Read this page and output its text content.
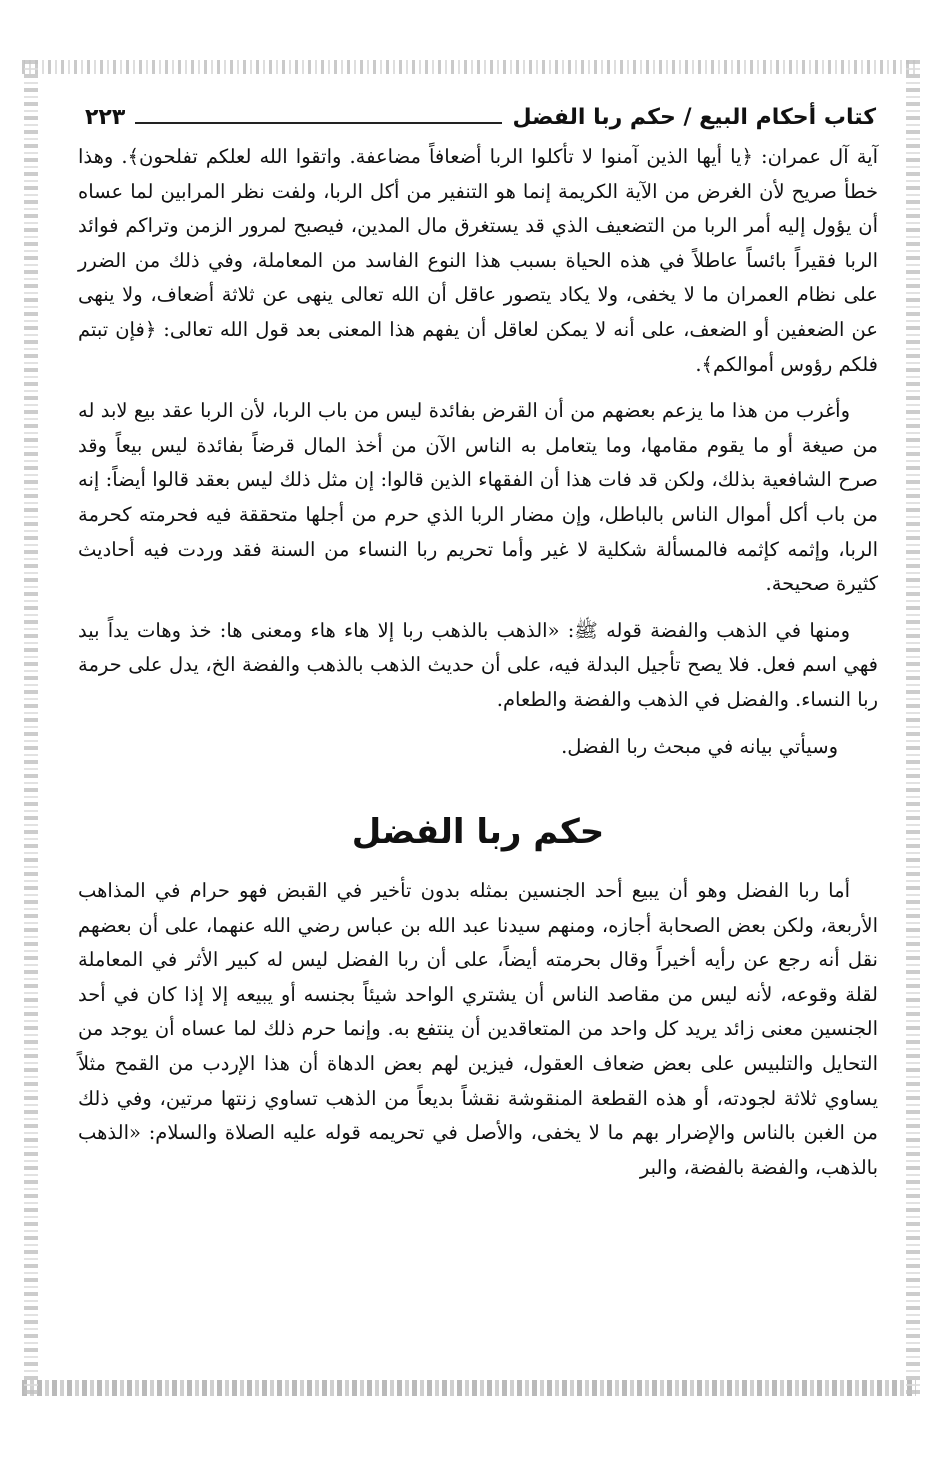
كتاب أحكام البيع / حكم ربا الفضل
٢٢٣

آية آل عمران: ﴿يا أيها الذين آمنوا لا تأكلوا الربا أضعافاً مضاعفة. واتقوا الله لعلكم تفلحون﴾. وهذا خطأ صريح لأن الغرض من الآية الكريمة إنما هو التنفير من أكل الربا، ولفت نظر المرابين لما عساه أن يؤول إليه أمر الربا من التضعيف الذي قد يستغرق مال المدين، فيصبح لمرور الزمن وتراكم فوائد الربا فقيراً بائساً عاطلاً في هذه الحياة بسبب هذا النوع الفاسد من المعاملة، وفي ذلك من الضرر على نظام العمران ما لا يخفى، ولا يكاد يتصور عاقل أن الله تعالى ينهى عن ثلاثة أضعاف، ولا ينهى عن الضعفين أو الضعف، على أنه لا يمكن لعاقل أن يفهم هذا المعنى بعد قول الله تعالى: ﴿فإن تبتم فلكم رؤوس أموالكم﴾.

وأغرب من هذا ما يزعم بعضهم من أن القرض بفائدة ليس من باب الربا، لأن الربا عقد بيع لابد له من صيغة أو ما يقوم مقامها، وما يتعامل به الناس الآن من أخذ المال قرضاً بفائدة ليس بيعاً وقد صرح الشافعية بذلك، ولكن قد فات هذا أن الفقهاء الذين قالوا: إن مثل ذلك ليس بعقد قالوا أيضاً: إنه من باب أكل أموال الناس بالباطل، وإن مضار الربا الذي حرم من أجلها متحققة فيه فحرمته كحرمة الربا، وإثمه كإثمه فالمسألة شكلية لا غير وأما تحريم ربا النساء من السنة فقد وردت فيه أحاديث كثيرة صحيحة.

ومنها في الذهب والفضة قوله ﷺ: «الذهب بالذهب ربا إلا هاء هاء ومعنى ها: خذ وهات يداً بيد فهي اسم فعل. فلا يصح تأجيل البدلة فيه، على أن حديث الذهب بالذهب والفضة الخ، يدل على حرمة ربا النساء. والفضل في الذهب والفضة والطعام.

وسيأتي بيانه في مبحث ربا الفضل.

حكم ربا الفضل

أما ربا الفضل وهو أن يبيع أحد الجنسين بمثله بدون تأخير في القبض فهو حرام في المذاهب الأربعة، ولكن بعض الصحابة أجازه، ومنهم سيدنا عبد الله بن عباس رضي الله عنهما، على أن بعضهم نقل أنه رجع عن رأيه أخيراً وقال بحرمته أيضاً، على أن ربا الفضل ليس له كبير الأثر في المعاملة لقلة وقوعه، لأنه ليس من مقاصد الناس أن يشتري الواحد شيئاً بجنسه أو يبيعه إلا إذا كان في أحد الجنسين معنى زائد يريد كل واحد من المتعاقدين أن ينتفع به. وإنما حرم ذلك لما عساه أن يوجد من التحايل والتلبيس على بعض ضعاف العقول، فيزين لهم بعض الدهاة أن هذا الإردب من القمح مثلاً يساوي ثلاثة لجودته، أو هذه القطعة المنقوشة نقشاً بديعاً من الذهب تساوي زنتها مرتين، وفي ذلك من الغبن بالناس والإضرار بهم ما لا يخفى، والأصل في تحريمه قوله عليه الصلاة والسلام: «الذهب بالذهب، والفضة بالفضة، والبر
